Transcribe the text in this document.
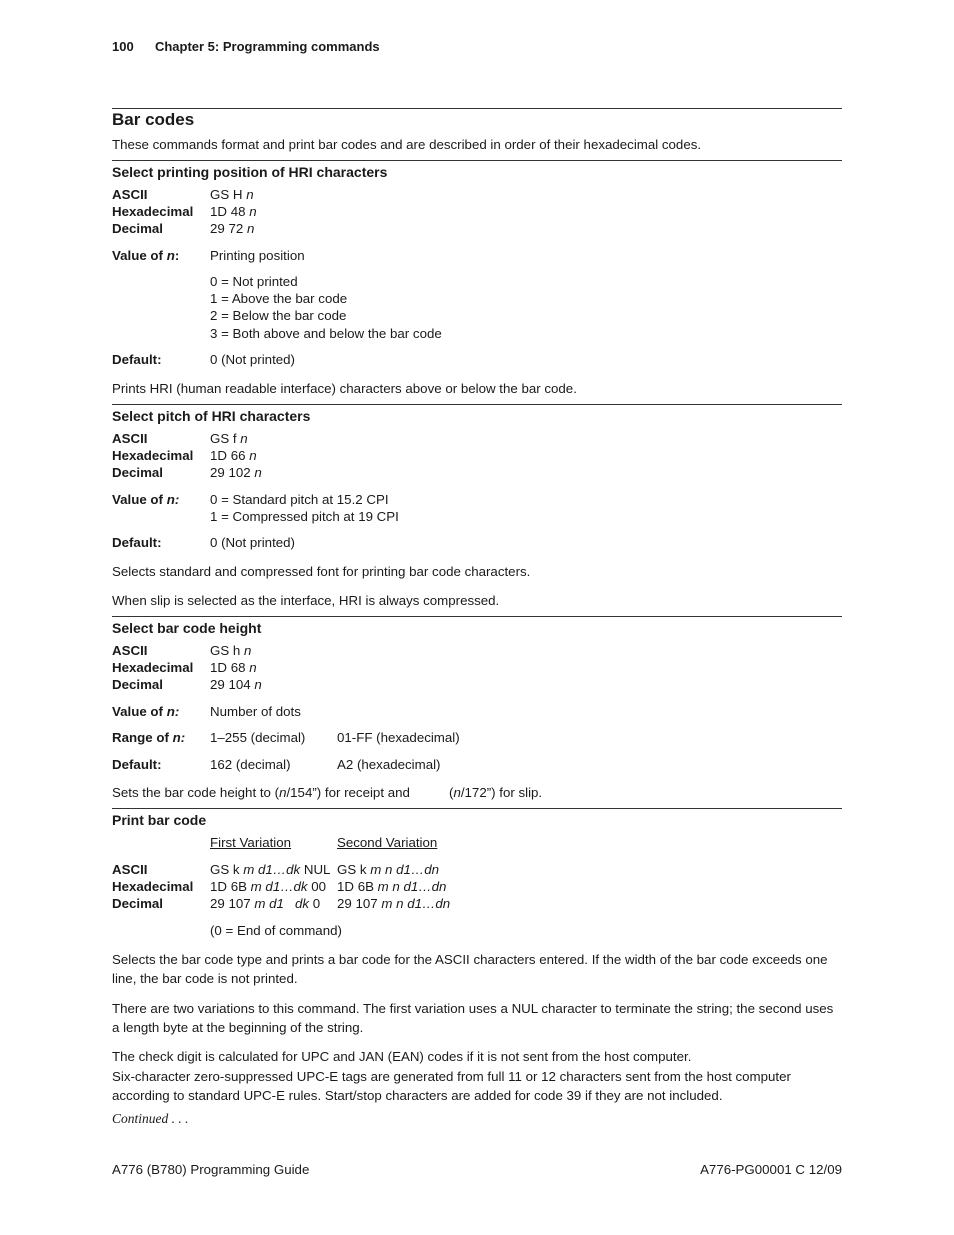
100 Chapter 5: Programming commands
Bar codes
These commands format and print bar codes and are described in order of their hexadecimal codes.
Select printing position of HRI characters
ASCII	GS H n
Hexadecimal 1D 48 n
Decimal	29 72 n
Value of n: Printing position
0 = Not printed
1 = Above the bar code
2 = Below the bar code
3 = Both above and below the bar code
Default:	0 (Not printed)
Prints HRI (human readable interface) characters above or below the bar code.
Select pitch of HRI characters
ASCII	GS f n
Hexadecimal 1D 66 n
Decimal	29 102 n
Value of n: 0 = Standard pitch at 15.2 CPI
1 = Compressed pitch at 19 CPI
Default:	0 (Not printed)
Selects standard and compressed font for printing bar code characters.
When slip is selected as the interface, HRI is always compressed.
Select bar code height
ASCII	GS h n
Hexadecimal 1D 68 n
Decimal	29 104 n
Value of n: Number of dots
Range of n: 1–255 (decimal) 01-FF (hexadecimal)
Default:	162 (decimal)	A2 (hexadecimal)
Sets the bar code height to (n/154”) for receipt and	(n/172”) for slip.
Print bar code
First Variation	Second Variation
ASCII	GS k m d1…dk NUL GS k m n d1…dn
Hexadecimal 1D 6B m d1…dk 00 1D 6B m n d1…dn
Decimal	29 107 m d1   dk 0 29 107 m n d1…dn
(0 = End of command)
Selects the bar code type and prints a bar code for the ASCII characters entered. If the width of the bar code exceeds one line, the bar code is not printed.
There are two variations to this command. The first variation uses a NUL character to terminate the string; the second uses a length byte at the beginning of the string.
The check digit is calculated for UPC and JAN (EAN) codes if it is not sent from the host computer.
Six-character zero-suppressed UPC-E tags are generated from full 11 or 12 characters sent from the host computer according to standard UPC-E rules. Start/stop characters are added for code 39 if they are not included.
Continued . . .
A776 (B780) Programming Guide	A776-PG00001 C 12/09
